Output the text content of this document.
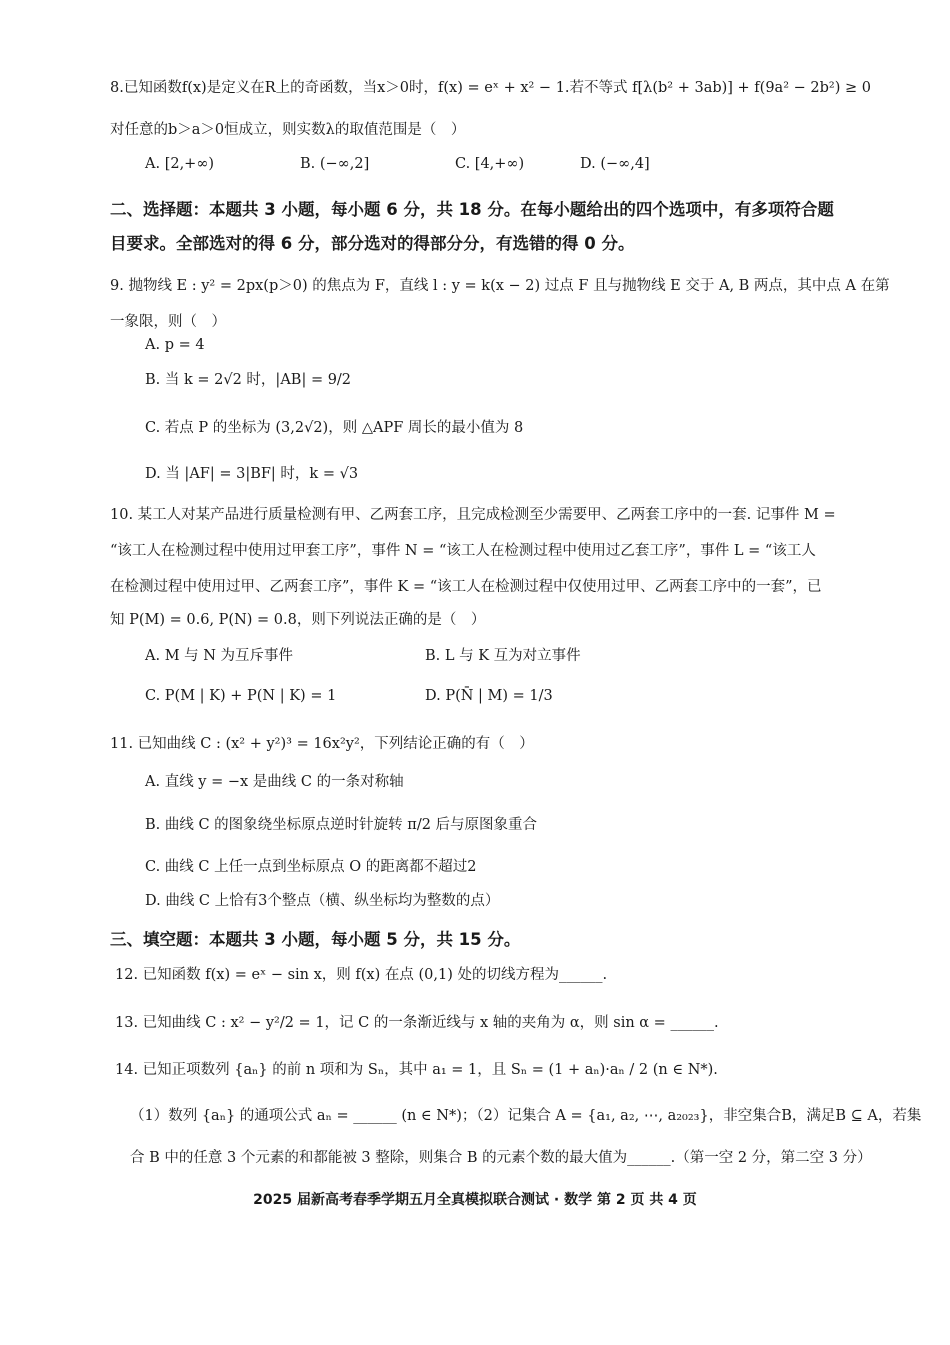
8.已知函数f(x)是定义在R上的奇函数，当x＞0时，f(x) = eˣ + x² − 1.若不等式 f[λ(b² + 3ab)] + f(9a² − 2b²) ≥ 0
对任意的b＞a＞0恒成立，则实数λ的取值范围是（　）
A. [2,+∞)	B. (−∞,2]	C. [4,+∞)	D. (−∞,4]
二、选择题：本题共 3 小题，每小题 6 分，共 18 分。在每小题给出的四个选项中，有多项符合题
目要求。全部选对的得 6 分，部分选对的得部分分，有选错的得 0 分。
9. 抛物线 E : y² = 2px(p＞0) 的焦点为 F，直线 l : y = k(x − 2) 过点 F 且与抛物线 E 交于 A, B 两点，其中点 A 在第
一象限，则（　）
A. p = 4
B. 当 k = 2√2 时，|AB| = 9/2
C. 若点 P 的坐标为 (3,2√2)，则 △APF 周长的最小值为 8
D. 当 |AF| = 3|BF| 时，k = √3
10. 某工人对某产品进行质量检测有甲、乙两套工序，且完成检测至少需要甲、乙两套工序中的一套. 记事件 M =
“该工人在检测过程中使用过甲套工序”，事件 N = “该工人在检测过程中使用过乙套工序”，事件 L = “该工人
在检测过程中使用过甲、乙两套工序”，事件 K = “该工人在检测过程中仅使用过甲、乙两套工序中的一套”，已
知 P(M) = 0.6, P(N) = 0.8，则下列说法正确的是（　）
A. M 与 N 为互斥事件	B. L 与 K 互为对立事件
C. P(M | K) + P(N | K) = 1	D. P(N̄ | M) = 1/3
11. 已知曲线 C : (x² + y²)³ = 16x²y²，下列结论正确的有（　）
A. 直线 y = −x 是曲线 C 的一条对称轴
B. 曲线 C 的图象绕坐标原点逆时针旋转 π/2 后与原图象重合
C. 曲线 C 上任一点到坐标原点 O 的距离都不超过2
D. 曲线 C 上恰有3个整点（横、纵坐标均为整数的点）
三、填空题：本题共 3 小题，每小题 5 分，共 15 分。
12. 已知函数 f(x) = eˣ − sin x，则 f(x) 在点 (0,1) 处的切线方程为______.
13. 已知曲线 C : x² − y²/2 = 1，记 C 的一条渐近线与 x 轴的夹角为 α，则 sin α = ______.
14. 已知正项数列 {aₙ} 的前 n 项和为 Sₙ，其中 a₁ = 1，且 Sₙ = (1 + aₙ)·aₙ / 2 (n ∈ N*).
（1）数列 {aₙ} 的通项公式 aₙ = ______ (n ∈ N*)；（2）记集合 A = {a₁, a₂, ⋯, a₂₀₂₃}，非空集合B，满足B ⊆ A，若集
合 B 中的任意 3 个元素的和都能被 3 整除，则集合 B 的元素个数的最大值为______.（第一空 2 分，第二空 3 分）
2025 届新高考春季学期五月全真模拟联合测试 · 数学 第 2 页 共 4 页
